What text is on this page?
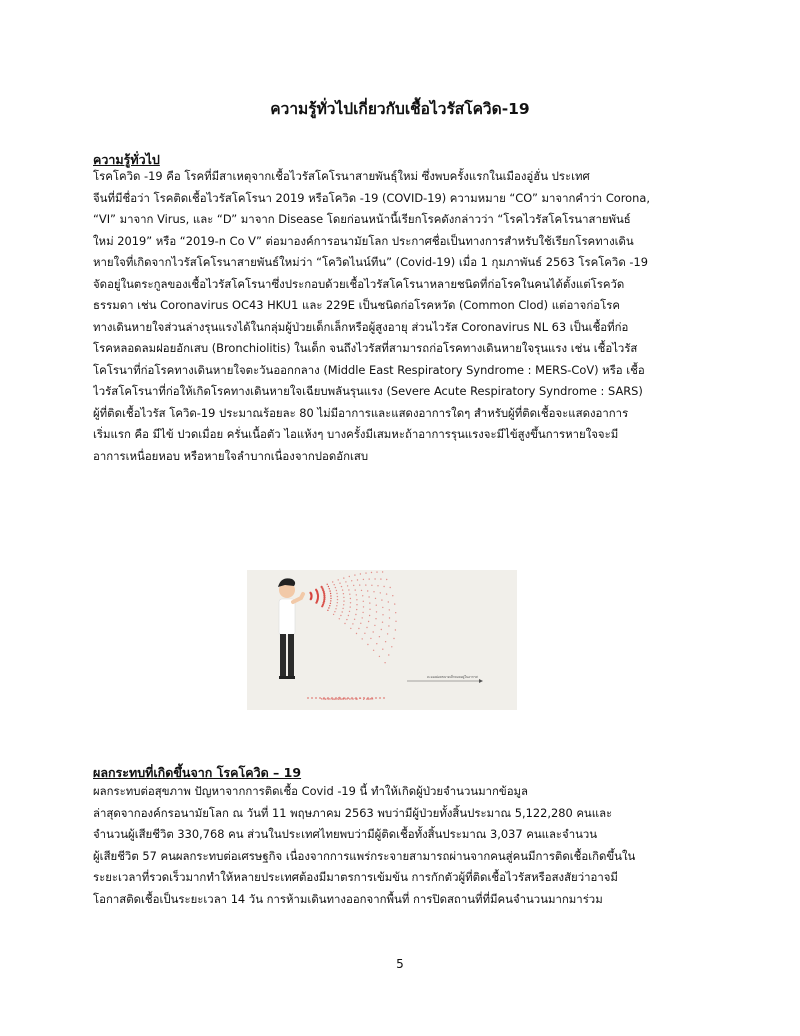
ความรู้ทั่วไปเกี่ยวกับเชื้อไวรัสโควิด-19
ความรู้ทั่วไป
โรคโควิด -19 คือ โรคที่มีสาเหตุจากเชื้อไวรัสโคโรนาสายพันธุ์ใหม่ ซึ่งพบครั้งแรกในเมืองอู่ฮั่น ประเทศ
จีนที่มีชื่อว่า โรคติดเชื้อไวรัสโคโรนา 2019 หรือโควิด -19 (COVID-19) ความหมาย “CO” มาจากคำว่า Corona,
“VI” มาจาก Virus, และ “D” มาจาก Disease โดยก่อนหน้านี้เรียกโรคดังกล่าวว่า “โรคไวรัสโคโรนาสายพันธ์
ใหม่ 2019” หรือ “2019-n Co V” ต่อมาองค์การอนามัยโลก ประกาศชื่อเป็นทางการสำหรับใช้เรียกโรคทางเดิน
หายใจที่เกิดจากไวรัสโคโรนาสายพันธ์ใหม่ว่า “โควิดไนน์ทีน” (Covid-19) เมื่อ 1 กุมภาพันธ์ 2563 โรคโควิด -19
จัดอยู่ในตระกูลของเชื้อไวรัสโคโรนาซึ่งประกอบด้วยเชื้อไวรัสโคโรนาหลายชนิดที่ก่อโรคในคนได้ตั้งแต่โรควัด
ธรรมดา เช่น Coronavirus OC43 HKU1 และ 229E เป็นชนิดก่อโรคหวัด (Common Clod) แต่อาจก่อโรค
ทางเดินหายใจส่วนล่างรุนแรงได้ในกลุ่มผู้ป่วยเด็กเล็กหรือผู้สูงอายุ ส่วนไวรัส Coronavirus NL 63 เป็นเชื้อที่ก่อ
โรคหลอดลมฝอยอักเสบ (Bronchiolitis) ในเด็ก จนถึงไวรัสที่สามารถก่อโรคทางเดินหายใจรุนแรง เช่น เชื้อไวรัส
โคโรนาที่ก่อโรคทางเดินหายใจตะวันออกกลาง (Middle East Respiratory Syndrome : MERS-CoV) หรือ เชื้อ
ไวรัสโคโรนาที่ก่อให้เกิดโรคทางเดินหายใจเฉียบพลันรุนแรง (Severe Acute Respiratory Syndrome : SARS)
ผู้ที่ติดเชื้อไวรัส โควิด-19 ประมาณร้อยละ 80 ไม่มีอาการและแสดงอาการใดๆ สำหรับผู้ที่ติดเชื้อจะแสดงอาการ
เริ่มแรก คือ มีไข้ ปวดเมื่อย ครั่นเนื้อตัว ไอแห้งๆ บางครั้งมีเสมหะถ้าอาการรุนแรงจะมีไข้สูงขึ้นการหายใจจะมี
อาการเหนื่อยหอบ หรือหายใจลำบากเนื่องจากปอดอักเสบ
ระยะละอองที่แพร่กระจาย ~ 2 เมตร
ละอองฝอยขนาดเล็กลอยอยู่ในอากาศ
ผลกระทบที่เกิดขึ้นจาก โรคโควิด – 19
ผลกระทบต่อสุขภาพ ปัญหาจากการติดเชื้อ Covid -19 นี้ ทำให้เกิดผู้ป่วยจำนวนมากข้อมูล
ล่าสุดจากองค์กรอนามัยโลก ณ วันที่ 11 พฤษภาคม 2563 พบว่ามีผู้ป่วยทั้งสิ้นประมาณ 5,122,280 คนและ
จำนวนผู้เสียชีวิต 330,768 คน ส่วนในประเทศไทยพบว่ามีผู้ติดเชื้อทั้งสิ้นประมาณ 3,037 คนและจำนวน
ผู้เสียชีวิต 57 คนผลกระทบต่อเศรษฐกิจ เนื่องจากการแพร่กระจายสามารถผ่านจากคนสู่คนมีการติดเชื้อเกิดขึ้นใน
ระยะเวลาที่รวดเร็วมากทำให้หลายประเทศต้องมีมาตรการเข้มข้น การกักตัวผู้ที่ติดเชื้อไวรัสหรือสงสัยว่าอาจมี
โอกาสติดเชื้อเป็นระยะเวลา 14 วัน การห้ามเดินทางออกจากพื้นที่ การปิดสถานที่ที่มีคนจำนวนมากมาร่วม
5
